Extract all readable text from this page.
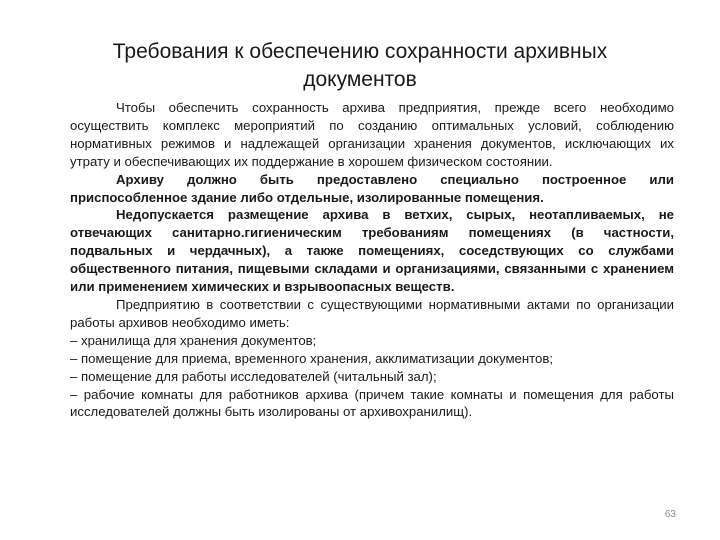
Требования к обеспечению сохранности архивных документов

Чтобы обеспечить сохранность архива предприятия, прежде всего необходимо осуществить комплекс мероприятий по созданию оптимальных условий, соблюдению нормативных режимов и надлежащей организации хранения документов, исключающих их утрату и обеспечивающих их поддержание в хорошем физическом состоянии.

Архиву должно быть предоставлено специально построенное или приспособленное здание либо отдельные, изолированные помещения.

Недопускается размещение архива в ветхих, сырых, неотапливаемых, не отвечающих санитарно.гигиеническим требованиям помещениях (в частности, подвальных и чердачных), а также помещениях, соседствующих со службами общественного питания, пищевыми складами и организациями, связанными с хранением или применением химических и взрывоопасных веществ.

Предприятию в соответствии с существующими нормативными актами по организации работы архивов необходимо иметь:

– хранилища для хранения документов;
– помещение для приема, временного хранения, акклиматизации документов;
– помещение для работы исследователей (читальный зал);
– рабочие комнаты для работников архива (причем такие комнаты и помещения для работы исследователей должны быть изолированы от архивохранилищ).
63
